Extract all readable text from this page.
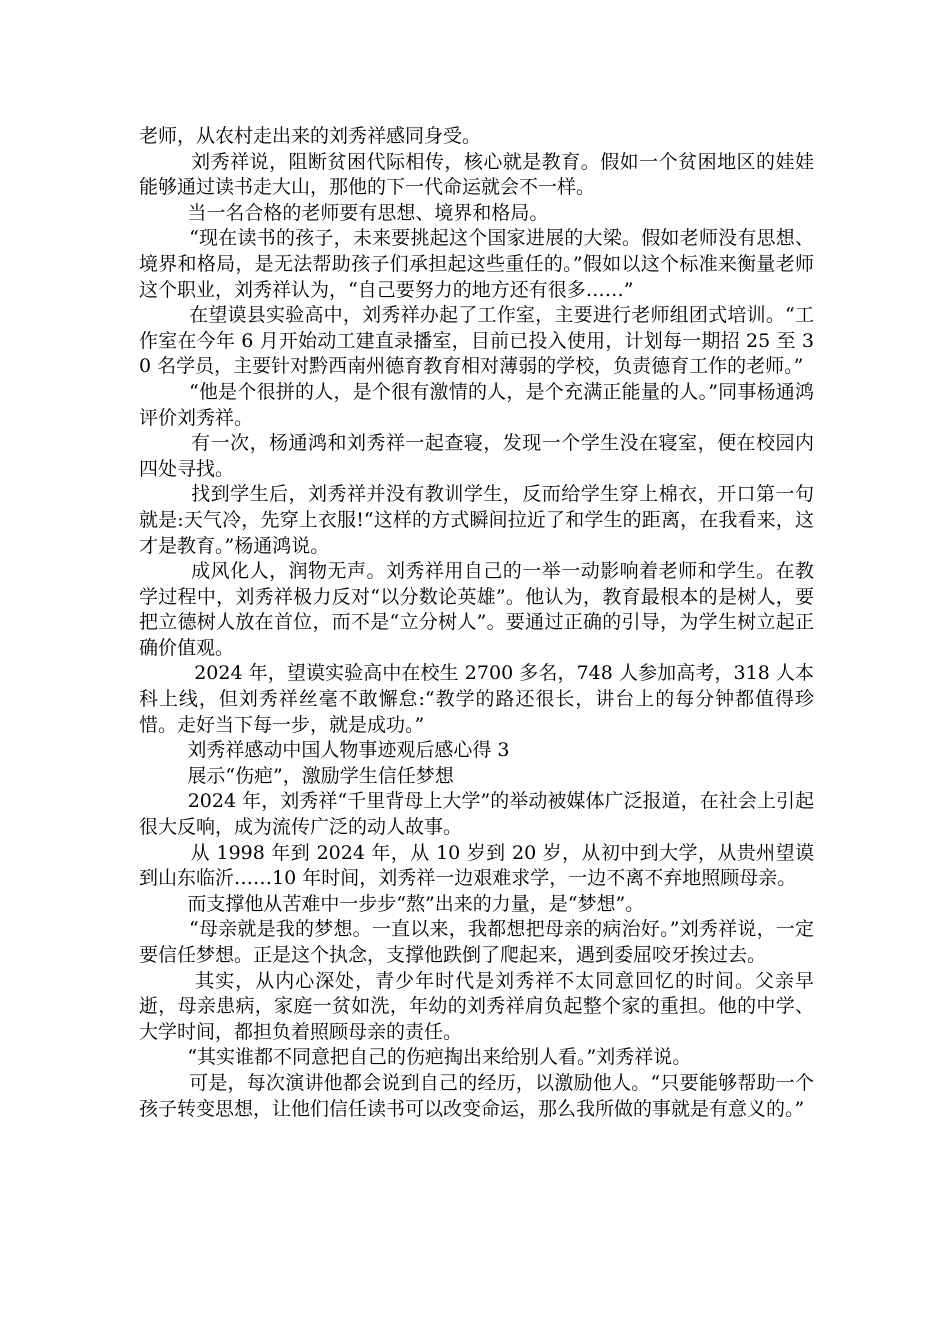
老师，从农村走出来的刘秀祥感同身受。

刘秀祥说，阻断贫困代际相传，核心就是教育。假如一个贫困地区的娃娃能够通过读书走大山，那他的下一代命运就会不一样。

当一名合格的老师要有思想、境界和格局。

“现在读书的孩子，未来要挑起这个国家进展的大梁。假如老师没有思想、境界和格局，是无法帮助孩子们承担起这些重任的。”假如以这个标准来衡量老师这个职业，刘秀祥认为，“自己要努力的地方还有很多……”

在望谟县实验高中，刘秀祥办起了工作室，主要进行老师组团式培训。“工作室在今年 6 月开始动工建直录播室，目前已投入使用，计划每一期招 25 至 30 名学员，主要针对黔西南州德育教育相对薄弱的学校，负责德育工作的老师。”

“他是个很拼的人，是个很有激情的人，是个充满正能量的人。”同事杨通鸿评价刘秀祥。

有一次，杨通鸿和刘秀祥一起查寝，发现一个学生没在寝室，便在校园内四处寻找。

找到学生后，刘秀祥并没有教训学生，反而给学生穿上棉衣，开口第一句就是:天气冷，先穿上衣服!“这样的方式瞬间拉近了和学生的距离，在我看来，这才是教育。”杨通鸿说。

成风化人，润物无声。刘秀祥用自己的一举一动影响着老师和学生。在教学过程中，刘秀祥极力反对“以分数论英雄”。他认为，教育最根本的是树人，要把立德树人放在首位，而不是“立分树人”。要通过正确的引导，为学生树立起正确价值观。

2024 年，望谟实验高中在校生 2700 多名，748 人参加高考，318 人本科上线，但刘秀祥丝毫不敢懈怠:“教学的路还很长，讲台上的每分钟都值得珍惜。走好当下每一步，就是成功。”

刘秀祥感动中国人物事迹观后感心得 3

展示“伤疤”，激励学生信任梦想

2024 年，刘秀祥“千里背母上大学”的举动被媒体广泛报道，在社会上引起很大反响，成为流传广泛的动人故事。

从 1998 年到 2024 年，从 10 岁到 20 岁，从初中到大学，从贵州望谟到山东临沂……10 年时间，刘秀祥一边艰难求学，一边不离不弃地照顾母亲。

而支撑他从苦难中一步步“熬”出来的力量，是“梦想”。

“母亲就是我的梦想。一直以来，我都想把母亲的病治好。”刘秀祥说，一定要信任梦想。正是这个执念，支撑他跌倒了爬起来，遇到委屈咬牙挨过去。

其实，从内心深处，青少年时代是刘秀祥不太同意回忆的时间。父亲早逝，母亲患病，家庭一贫如洗，年幼的刘秀祥肩负起整个家的重担。他的中学、大学时间，都担负着照顾母亲的责任。

“其实谁都不同意把自己的伤疤掏出来给别人看。”刘秀祥说。

可是，每次演讲他都会说到自己的经历，以激励他人。“只要能够帮助一个孩子转变思想，让他们信任读书可以改变命运，那么我所做的事就是有意义的。”
